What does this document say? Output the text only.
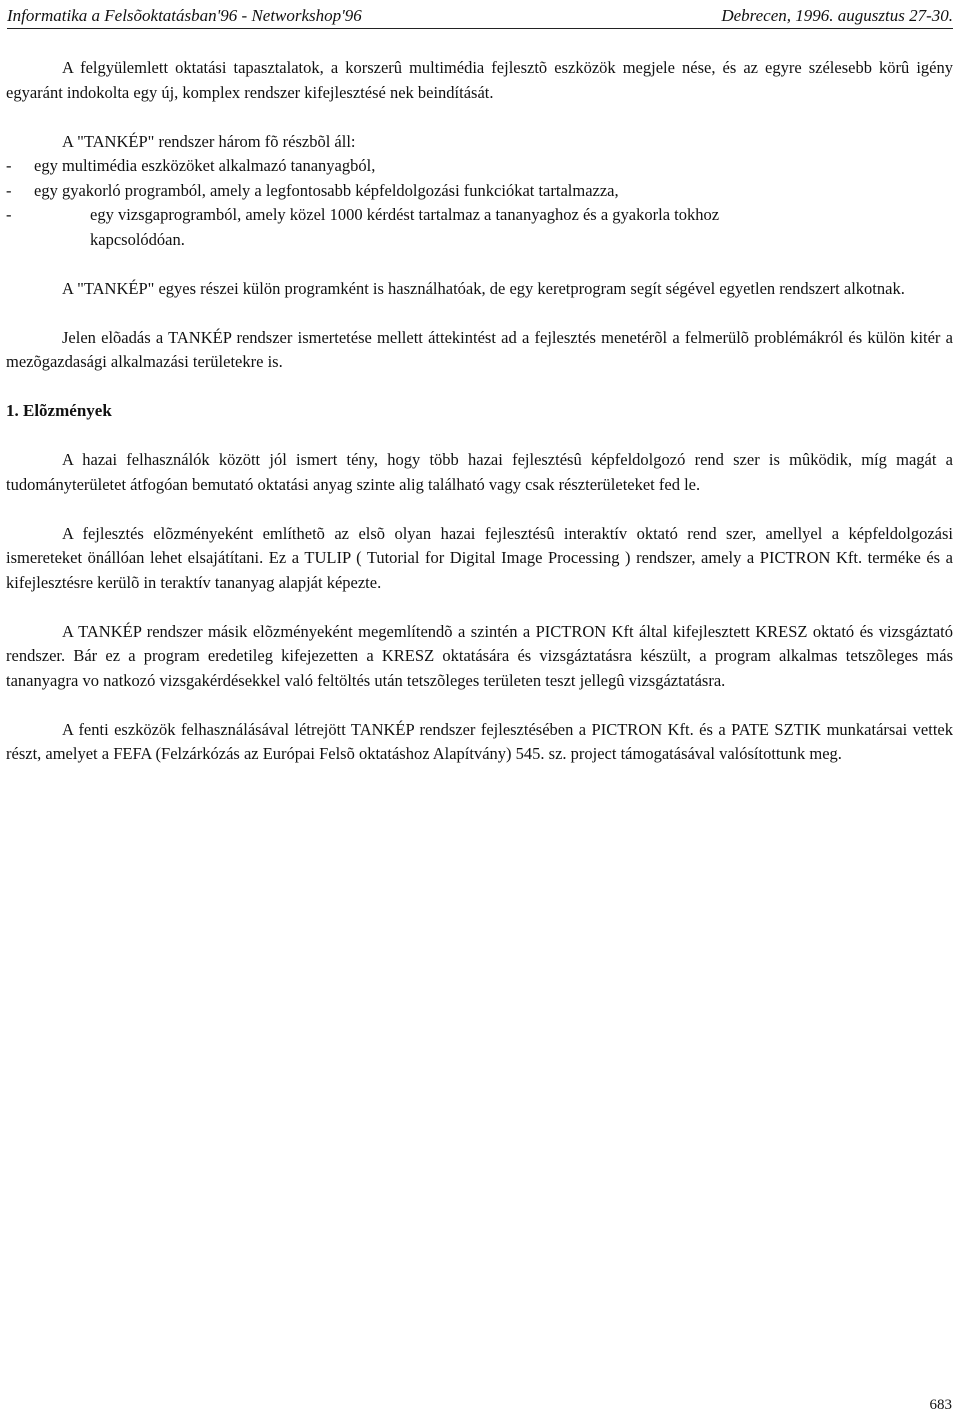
Informatika a Felsõoktatásban'96 - Networkshop'96	Debrecen, 1996. augusztus 27-30.

A felgyülemlett oktatási tapasztalatok, a korszerû multimédia fejlesztõ eszközök megjele nése, és az egyre szélesebb körû igény egyaránt indokolta egy új, komplex rendszer kifejlesztésé nek beindítását.

A "TANKÉP" rendszer három fõ részbõl áll:

-	egy multimédia eszközöket alkalmazó tananyagból,
-	egy gyakorló programból, amely a legfontosabb képfeldolgozási funkciókat tartalmazza,
-	egy vizsgaprogramból, amely közel 1000 kérdést tartalmaz a tananyaghoz és a gyakorla tokhoz
kapcsolódóan.

A "TANKÉP" egyes részei külön programként is használhatóak, de egy keretprogram segít ségével egyetlen rendszert alkotnak.

Jelen elõadás a TANKÉP rendszer ismertetése mellett áttekintést ad a fejlesztés menetérõl a felmerülõ problémákról és külön kitér a mezõgazdasági alkalmazási területekre is.

1. Elõzmények

A hazai felhasználók között jól ismert tény, hogy több hazai fejlesztésû képfeldolgozó rend szer is mûködik, míg magát a tudományterületet átfogóan bemutató oktatási anyag szinte alig található vagy csak részterületeket fed le.

A fejlesztés elõzményeként említhetõ az elsõ olyan hazai fejlesztésû interaktív oktató rend szer, amellyel a képfeldolgozási ismereteket önállóan lehet elsajátítani. Ez a TULIP ( Tutorial for Digital Image Processing ) rendszer, amely a PICTRON Kft. terméke és a kifejlesztésre kerülõ in teraktív tananyag alapját képezte.

A TANKÉP rendszer másik elõzményeként megemlítendõ a szintén a PICTRON Kft által kifejlesztett KRESZ oktató és vizsgáztató rendszer. Bár ez a program eredetileg kifejezetten a KRESZ oktatására és vizsgáztatásra készült, a program alkalmas tetszõleges más tananyagra vo natkozó vizsgakérdésekkel való feltöltés után tetszõleges területen teszt jellegû vizsgáztatásra.

A fenti eszközök felhasználásával létrejött TANKÉP rendszer fejlesztésében a PICTRON Kft. és a PATE SZTIK munkatársai vettek részt, amelyet a FEFA (Felzárkózás az Európai Felsõ oktatáshoz Alapítvány) 545. sz. project támogatásával valósítottunk meg.

683
